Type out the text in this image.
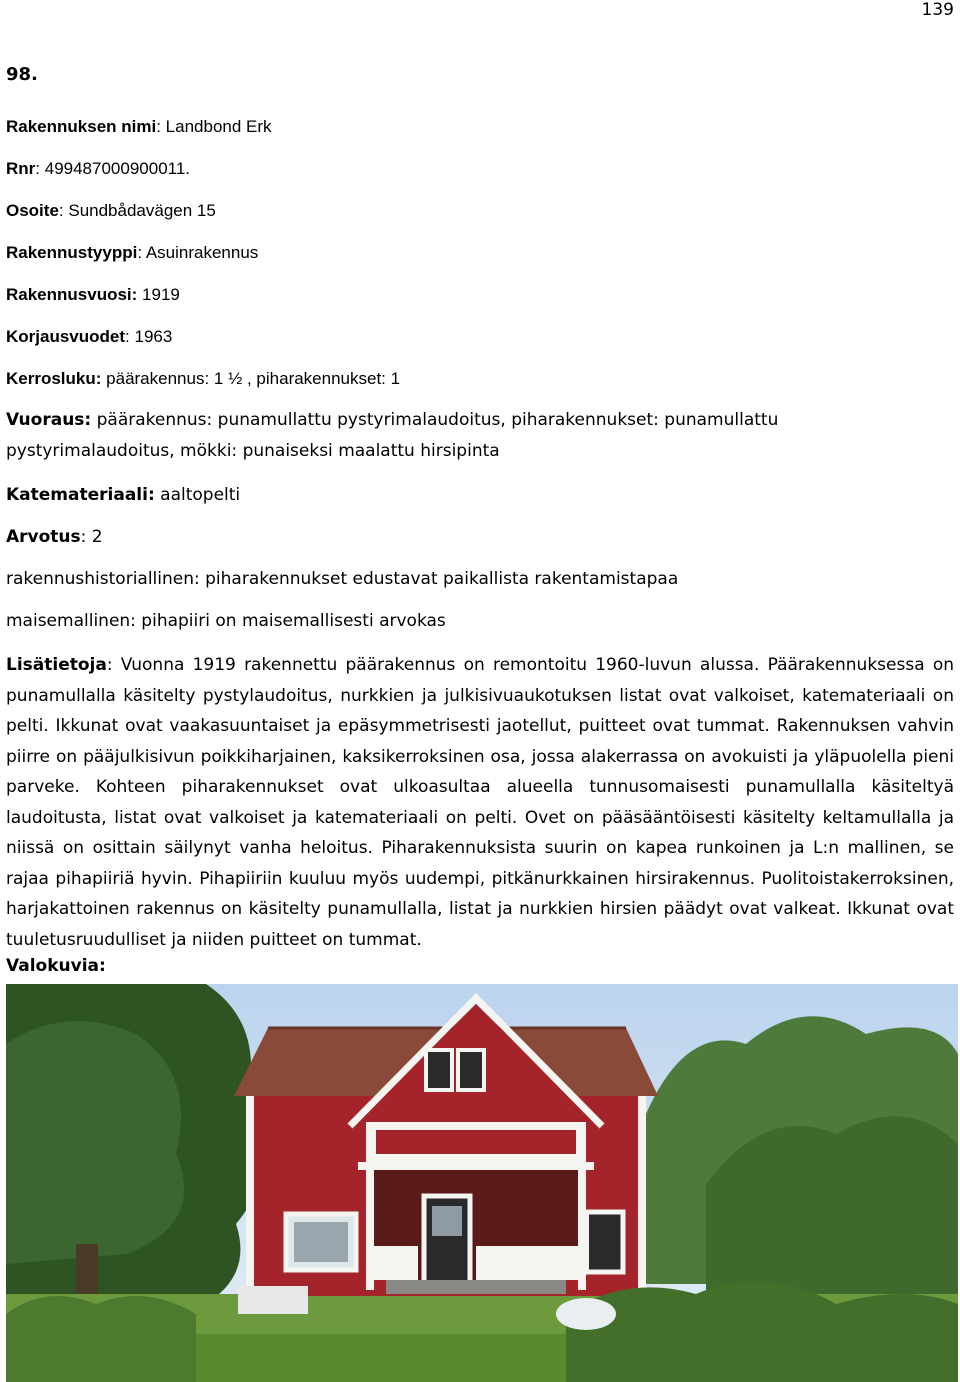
139
98.
Rakennuksen nimi: Landbond Erk
Rnr: 499487000900011.
Osoite: Sundbådavägen 15
Rakennustyyppi: Asuinrakennus
Rakennusvuosi: 1919
Korjausvuodet: 1963
Kerrosluku: päärakennus: 1 ½ , piharakennukset: 1
Vuoraus: päärakennus: punamullattu pystyrimalaudoitus, piharakennukset: punamullattu pystyrimalaudoitus, mökki: punaiseksi maalattu hirsipinta
Katemateriaali: aaltopelti
Arvotus: 2
rakennushistoriallinen: piharakennukset edustavat paikallista rakentamistapaa
maisemallinen: pihapiiri on maisemallisesti arvokas
Lisätietoja: Vuonna 1919 rakennettu päärakennus on remontoitu 1960-luvun alussa. Päärakennuksessa on punamullalla käsitelty pystylaudoitus, nurkkien ja julkisivuaukotuksen listat ovat valkoiset, katemateriaali on pelti. Ikkunat ovat vaakasuuntaiset ja epäsymmetrisesti jaotellut, puitteet ovat tummat. Rakennuksen vahvin piirre on pääjulkisivun poikkiharjainen, kaksikerroksinen osa, jossa alakerrassa on avokuisti ja yläpuolella pieni parveke. Kohteen piharakennukset ovat ulkoasultaa alueella tunnusomaisesti punamullalla käsiteltyä laudoitusta, listat ovat valkoiset ja katemateriaali on pelti. Ovet on pääsääntöisesti käsitelty keltamullalla ja niissä on osittain säilynyt vanha heloitus. Piharakennuksista suurin on kapea runkoinen ja L:n mallinen, se rajaa pihapiiriä hyvin. Pihapiiriin kuuluu myös uudempi, pitkänurkkainen hirsirakennus. Puolitoistakerroksinen, harjakattoinen rakennus on käsitelty punamullalla, listat ja nurkkien hirsien päädyt ovat valkeat. Ikkunat ovat tuuletusruudulliset ja niiden puitteet on tummat.
Valokuvia:
